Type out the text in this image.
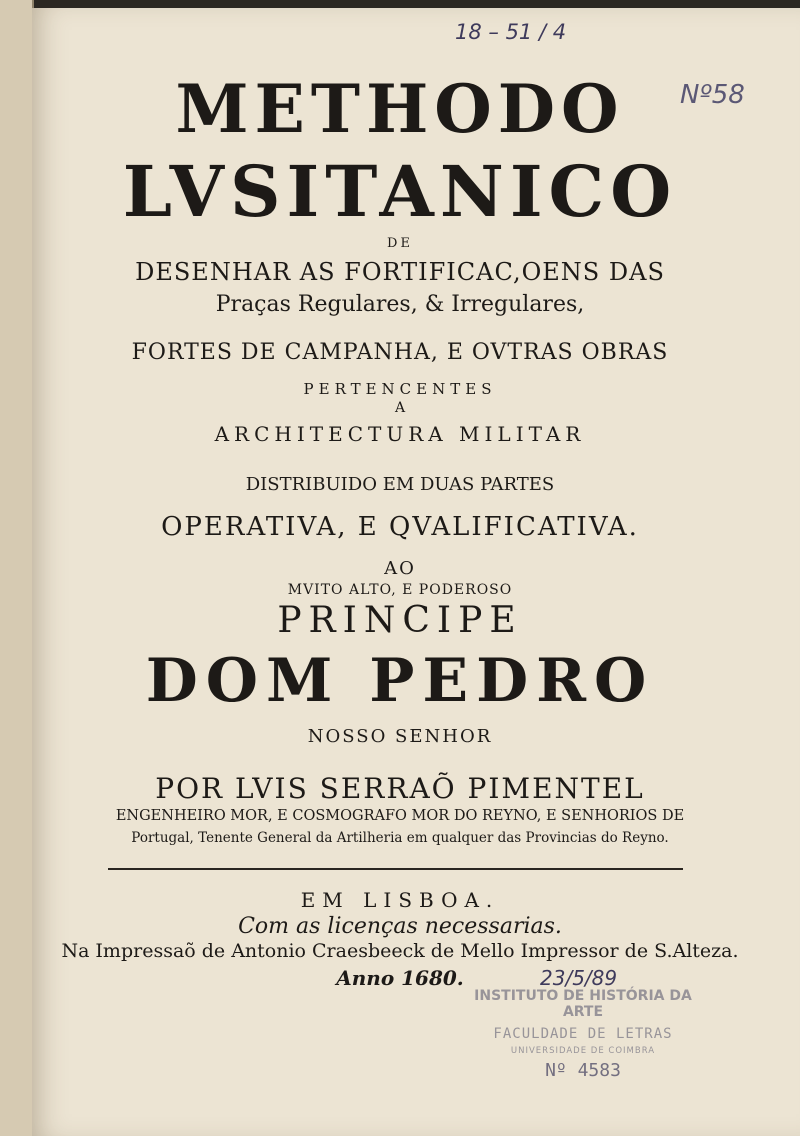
METHODO
LVSITANICO
DE
DESENHAR AS FORTIFICAC,OENS DAS
Praças Regulares, & Irregulares,
FORTES DE CAMPANHA, E OVTRAS OBRAS
PERTENCENTES
A
ARCHITECTURA MILITAR
DISTRIBUIDO EM DUAS PARTES
OPERATIVA, E QVALIFICATIVA.
AO
MVITO ALTO, E PODEROSO
PRINCIPE
DOM PEDRO
NOSSO SENHOR
POR LVIS SERRAÕ PIMENTEL
ENGENHEIRO MOR, E COSMOGRAFO MOR DO REYNO, E SENHORIOS DE
Portugal, Tenente General da Artilheria em qualquer das Provincias do Reyno.
EM LISBOA.
Com as licenças necessarias.
Na Impressaõ de Antonio Craesbeeck de Mello Impressor de S.Alteza.
Anno 1680.
18 – 51 / 4
Nº58
23/5/89
INSTITUTO DE HISTÓRIA DA ARTE
FACULDADE DE LETRAS
UNIVERSIDADE DE COIMBRA
Nº 4583
